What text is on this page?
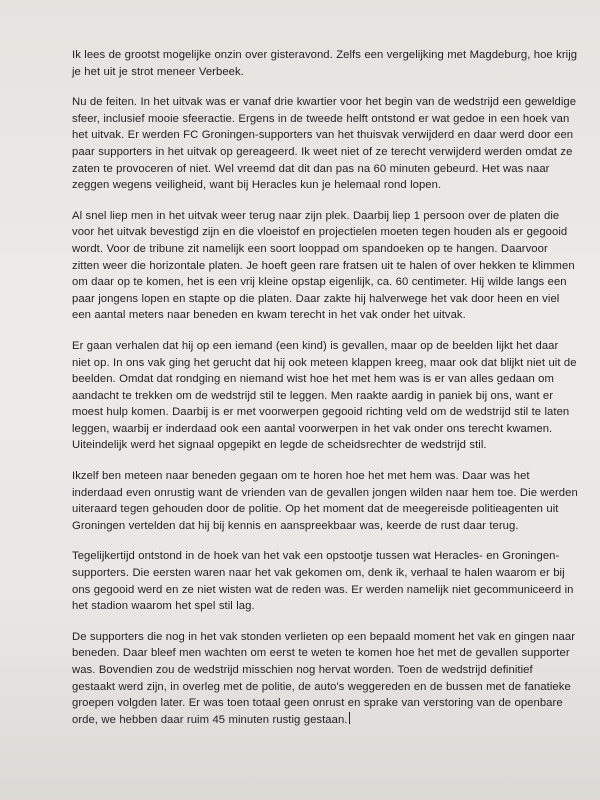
Ik lees de grootst mogelijke onzin over gisteravond. Zelfs een vergelijking met Magdeburg, hoe krijg je het uit je strot meneer Verbeek.

Nu de feiten. In het uitvak was er vanaf drie kwartier voor het begin van de wedstrijd een geweldige sfeer, inclusief mooie sfeeractie. Ergens in de tweede helft ontstond er wat gedoe in een hoek van het uitvak. Er werden FC Groningen-supporters van het thuisvak verwijderd en daar werd door een paar supporters in het uitvak op gereageerd. Ik weet niet of ze terecht verwijderd werden omdat ze zaten te provoceren of niet. Wel vreemd dat dit dan pas na 60 minuten gebeurd. Het was naar zeggen wegens veiligheid, want bij Heracles kun je helemaal rond lopen.

Al snel liep men in het uitvak weer terug naar zijn plek. Daarbij liep 1 persoon over de platen die voor het uitvak bevestigd zijn en die vloeistof en projectielen moeten tegen houden als er gegooid wordt. Voor de tribune zit namelijk een soort looppad om spandoeken op te hangen. Daarvoor zitten weer die horizontale platen. Je hoeft geen rare fratsen uit te halen of over hekken te klimmen om daar op te komen, het is een vrij kleine opstap eigenlijk, ca. 60 centimeter. Hij wilde langs een paar jongens lopen en stapte op die platen. Daar zakte hij halverwege het vak door heen en viel een aantal meters naar beneden en kwam terecht in het vak onder het uitvak.

Er gaan verhalen dat hij op een iemand (een kind) is gevallen, maar op de beelden lijkt het daar niet op. In ons vak ging het gerucht dat hij ook meteen klappen kreeg, maar ook dat blijkt niet uit de beelden. Omdat dat rondging en niemand wist hoe het met hem was is er van alles gedaan om aandacht te trekken om de wedstrijd stil te leggen. Men raakte aardig in paniek bij ons, want er moest hulp komen. Daarbij is er met voorwerpen gegooid richting veld om de wedstrijd stil te laten leggen, waarbij er inderdaad ook een aantal voorwerpen in het vak onder ons terecht kwamen. Uiteindelijk werd het signaal opgepikt en legde de scheidsrechter de wedstrijd stil.

Ikzelf ben meteen naar beneden gegaan om te horen hoe het met hem was. Daar was het inderdaad even onrustig want de vrienden van de gevallen jongen wilden naar hem toe. Die werden uiteraard tegen gehouden door de politie. Op het moment dat de meegereisde politieagenten uit Groningen vertelden dat hij bij kennis en aanspreekbaar was, keerde de rust daar terug.

Tegelijkertijd ontstond in de hoek van het vak een opstootje tussen wat Heracles- en Groningen-supporters. Die eersten waren naar het vak gekomen om, denk ik, verhaal te halen waarom er bij ons gegooid werd en ze niet wisten wat de reden was. Er werden namelijk niet gecommuniceerd in het stadion waarom het spel stil lag.

De supporters die nog in het vak stonden verlieten op een bepaald moment het vak en gingen naar beneden. Daar bleef men wachten om eerst te weten te komen hoe het met de gevallen supporter was. Bovendien zou de wedstrijd misschien nog hervat worden. Toen de wedstrijd definitief gestaakt werd zijn, in overleg met de politie, de auto's weggereden en de bussen met de fanatieke groepen volgden later. Er was toen totaal geen onrust en sprake van verstoring van de openbare orde, we hebben daar ruim 45 minuten rustig gestaan.
